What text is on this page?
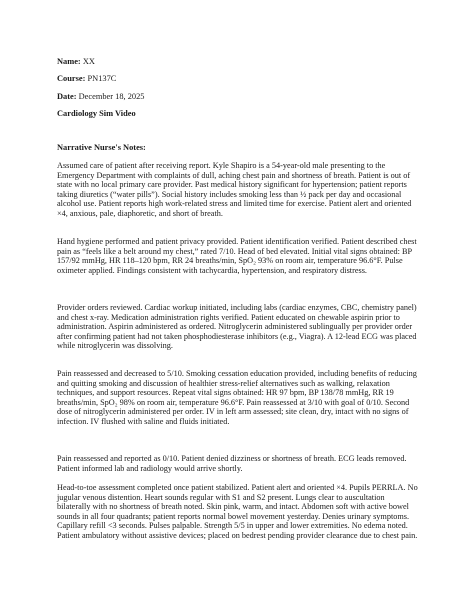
Name: XX
Course: PN137C
Date: December 18, 2025
Cardiology Sim Video
Narrative Nurse's Notes:
Assumed care of patient after receiving report. Kyle Shapiro is a 54-year-old male presenting to the Emergency Department with complaints of dull, aching chest pain and shortness of breath. Patient is out of state with no local primary care provider. Past medical history significant for hypertension; patient reports taking diuretics (“water pills”). Social history includes smoking less than ½ pack per day and occasional alcohol use. Patient reports high work-related stress and limited time for exercise. Patient alert and oriented ×4, anxious, pale, diaphoretic, and short of breath.
Hand hygiene performed and patient privacy provided. Patient identification verified. Patient described chest pain as “feels like a belt around my chest,” rated 7/10. Head of bed elevated. Initial vital signs obtained: BP 157/92 mmHg, HR 118–120 bpm, RR 24 breaths/min, SpO₂ 93% on room air, temperature 96.6°F. Pulse oximeter applied. Findings consistent with tachycardia, hypertension, and respiratory distress.
Provider orders reviewed. Cardiac workup initiated, including labs (cardiac enzymes, CBC, chemistry panel) and chest x-ray. Medication administration rights verified. Patient educated on chewable aspirin prior to administration. Aspirin administered as ordered. Nitroglycerin administered sublingually per provider order after confirming patient had not taken phosphodiesterase inhibitors (e.g., Viagra). A 12-lead ECG was placed while nitroglycerin was dissolving.
Pain reassessed and decreased to 5/10. Smoking cessation education provided, including benefits of reducing and quitting smoking and discussion of healthier stress-relief alternatives such as walking, relaxation techniques, and support resources. Repeat vital signs obtained: HR 97 bpm, BP 138/78 mmHg, RR 19 breaths/min, SpO₂ 98% on room air, temperature 96.6°F. Pain reassessed at 3/10 with goal of 0/10. Second dose of nitroglycerin administered per order. IV in left arm assessed; site clean, dry, intact with no signs of infection. IV flushed with saline and fluids initiated.
Pain reassessed and reported as 0/10. Patient denied dizziness or shortness of breath. ECG leads removed. Patient informed lab and radiology would arrive shortly.
Head-to-toe assessment completed once patient stabilized. Patient alert and oriented ×4. Pupils PERRLA. No jugular venous distention. Heart sounds regular with S1 and S2 present. Lungs clear to auscultation bilaterally with no shortness of breath noted. Skin pink, warm, and intact. Abdomen soft with active bowel sounds in all four quadrants; patient reports normal bowel movement yesterday. Denies urinary symptoms. Capillary refill <3 seconds. Pulses palpable. Strength 5/5 in upper and lower extremities. No edema noted. Patient ambulatory without assistive devices; placed on bedrest pending provider clearance due to chest pain.
